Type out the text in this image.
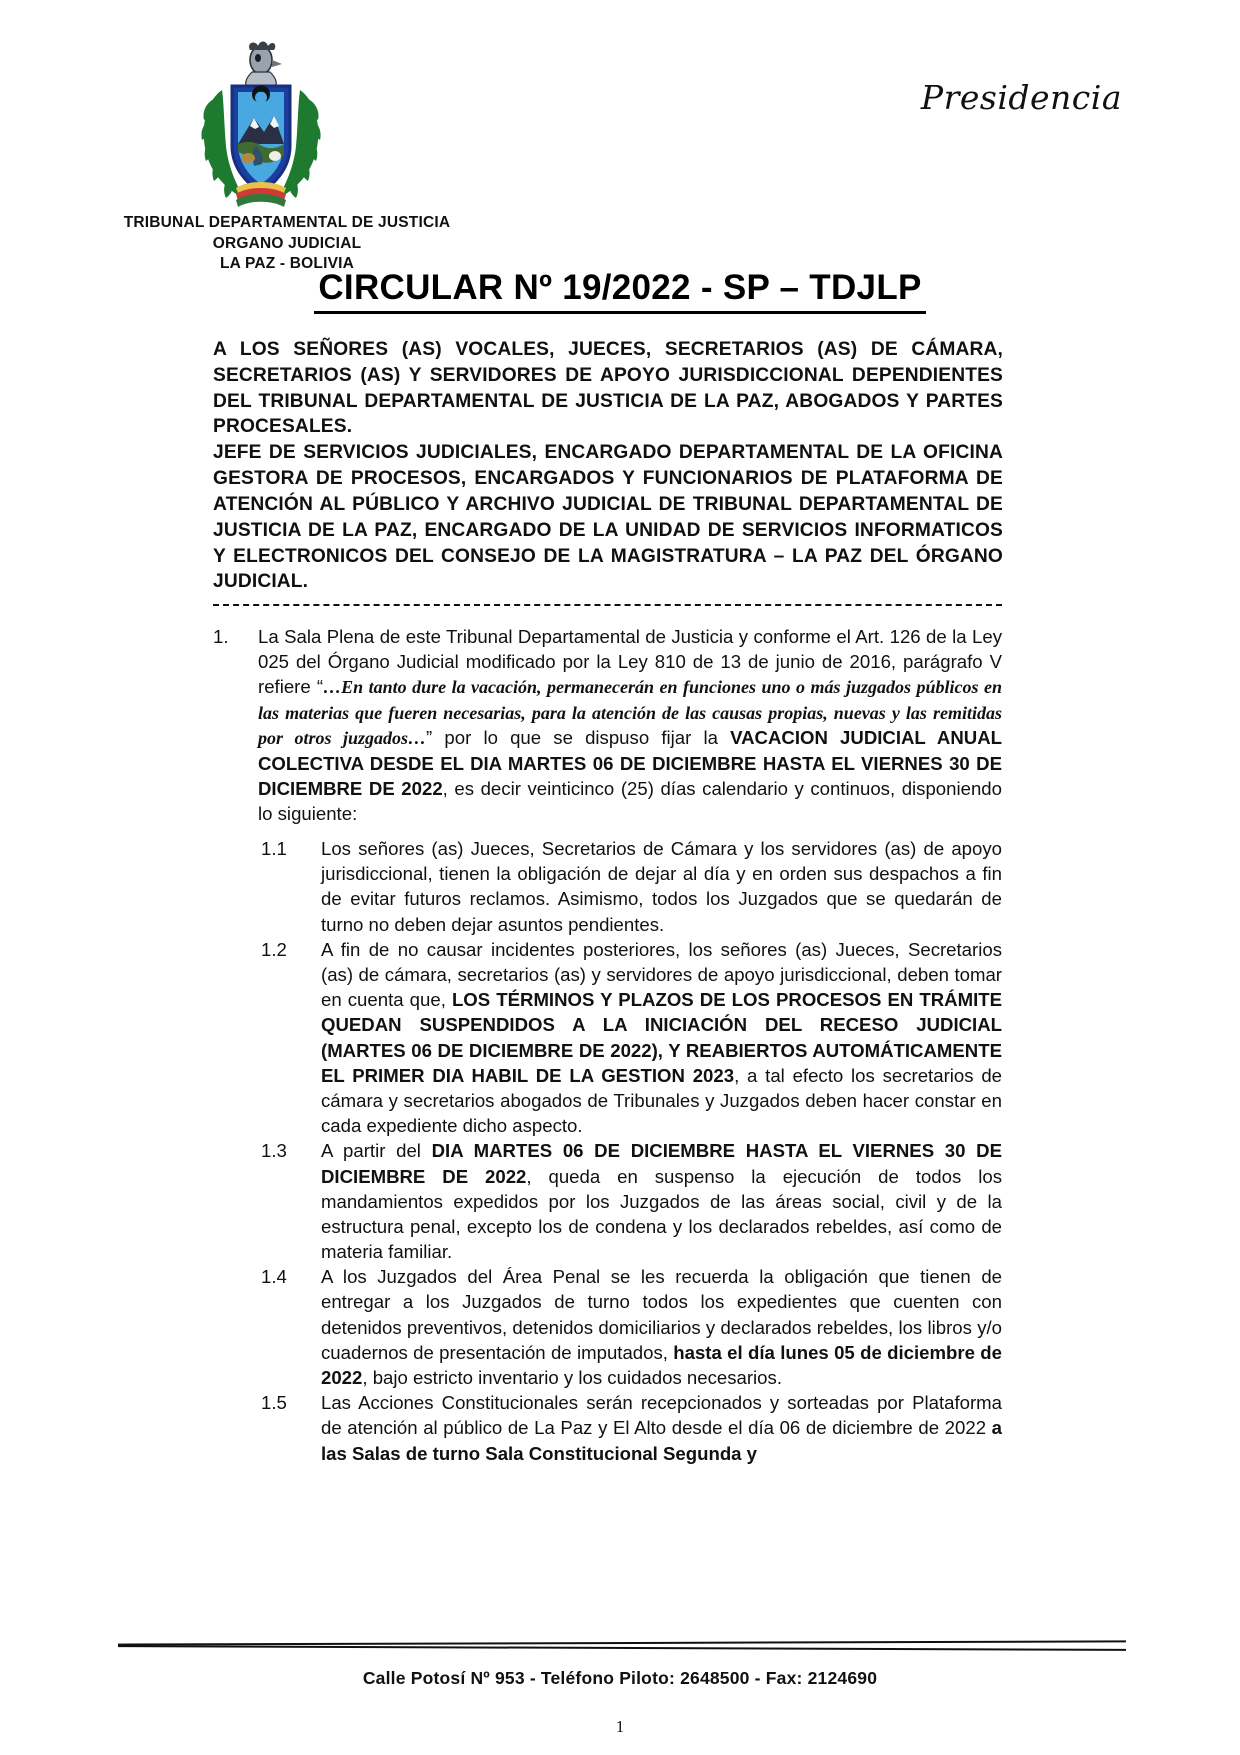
Presidencia
TRIBUNAL DEPARTAMENTAL DE JUSTICIA
ORGANO JUDICIAL
LA PAZ - BOLIVIA
CIRCULAR Nº 19/2022 - SP – TDJLP

A LOS SEÑORES (AS) VOCALES, JUECES, SECRETARIOS (AS) DE CÁMARA, SECRETARIOS (AS) Y SERVIDORES DE APOYO JURISDICCIONAL DEPENDIENTES DEL TRIBUNAL DEPARTAMENTAL DE JUSTICIA DE LA PAZ, ABOGADOS Y PARTES PROCESALES.

JEFE DE SERVICIOS JUDICIALES, ENCARGADO DEPARTAMENTAL DE LA OFICINA GESTORA DE PROCESOS, ENCARGADOS Y FUNCIONARIOS DE PLATAFORMA DE ATENCIÓN AL PÚBLICO Y ARCHIVO JUDICIAL DE TRIBUNAL DEPARTAMENTAL DE JUSTICIA DE LA PAZ, ENCARGADO DE LA UNIDAD DE SERVICIOS INFORMATICOS Y ELECTRONICOS DEL CONSEJO DE LA MAGISTRATURA – LA PAZ DEL ÓRGANO JUDICIAL.

1.	La Sala Plena de este Tribunal Departamental de Justicia y conforme el Art. 126 de la Ley 025 del Órgano Judicial modificado por la Ley 810 de 13 de junio de 2016, parágrafo V refiere “…En tanto dure la vacación, permanecerán en funciones uno o más juzgados públicos en las materias que fueren necesarias, para la atención de las causas propias, nuevas y las remitidas por otros juzgados…” por lo que se dispuso fijar la VACACION JUDICIAL ANUAL COLECTIVA DESDE EL DIA MARTES 06 DE DICIEMBRE HASTA EL VIERNES 30 DE DICIEMBRE DE 2022, es decir veinticinco (25) días calendario y continuos, disponiendo lo siguiente:
1.1	Los señores (as) Jueces, Secretarios de Cámara y los servidores (as) de apoyo jurisdiccional, tienen la obligación de dejar al día y en orden sus despachos a fin de evitar futuros reclamos. Asimismo, todos los Juzgados que se quedarán de turno no deben dejar asuntos pendientes.
1.2	A fin de no causar incidentes posteriores, los señores (as) Jueces, Secretarios (as) de cámara, secretarios (as) y servidores de apoyo jurisdiccional, deben tomar en cuenta que, LOS TÉRMINOS Y PLAZOS DE LOS PROCESOS EN TRÁMITE QUEDAN SUSPENDIDOS A LA INICIACIÓN DEL RECESO JUDICIAL (MARTES 06 DE DICIEMBRE DE 2022), Y REABIERTOS AUTOMÁTICAMENTE EL PRIMER DIA HABIL DE LA GESTION 2023, a tal efecto los secretarios de cámara y secretarios abogados de Tribunales y Juzgados deben hacer constar en cada expediente dicho aspecto.
1.3	A partir del DIA MARTES 06 DE DICIEMBRE HASTA EL VIERNES 30 DE DICIEMBRE DE 2022, queda en suspenso la ejecución de todos los mandamientos expedidos por los Juzgados de las áreas social, civil y de la estructura penal, excepto los de condena y los declarados rebeldes, así como de materia familiar.
1.4	A los Juzgados del Área Penal se les recuerda la obligación que tienen de entregar a los Juzgados de turno todos los expedientes que cuenten con detenidos preventivos, detenidos domiciliarios y declarados rebeldes, los libros y/o cuadernos de presentación de imputados, hasta el día lunes 05 de diciembre de 2022, bajo estricto inventario y los cuidados necesarios.
1.5	Las Acciones Constitucionales serán recepcionados y sorteadas por Plataforma de atención al público de La Paz y El Alto desde el día 06 de diciembre de 2022 a las Salas de turno Sala Constitucional Segunda y
Calle Potosí Nº 953 - Teléfono Piloto: 2648500 - Fax: 2124690
1
